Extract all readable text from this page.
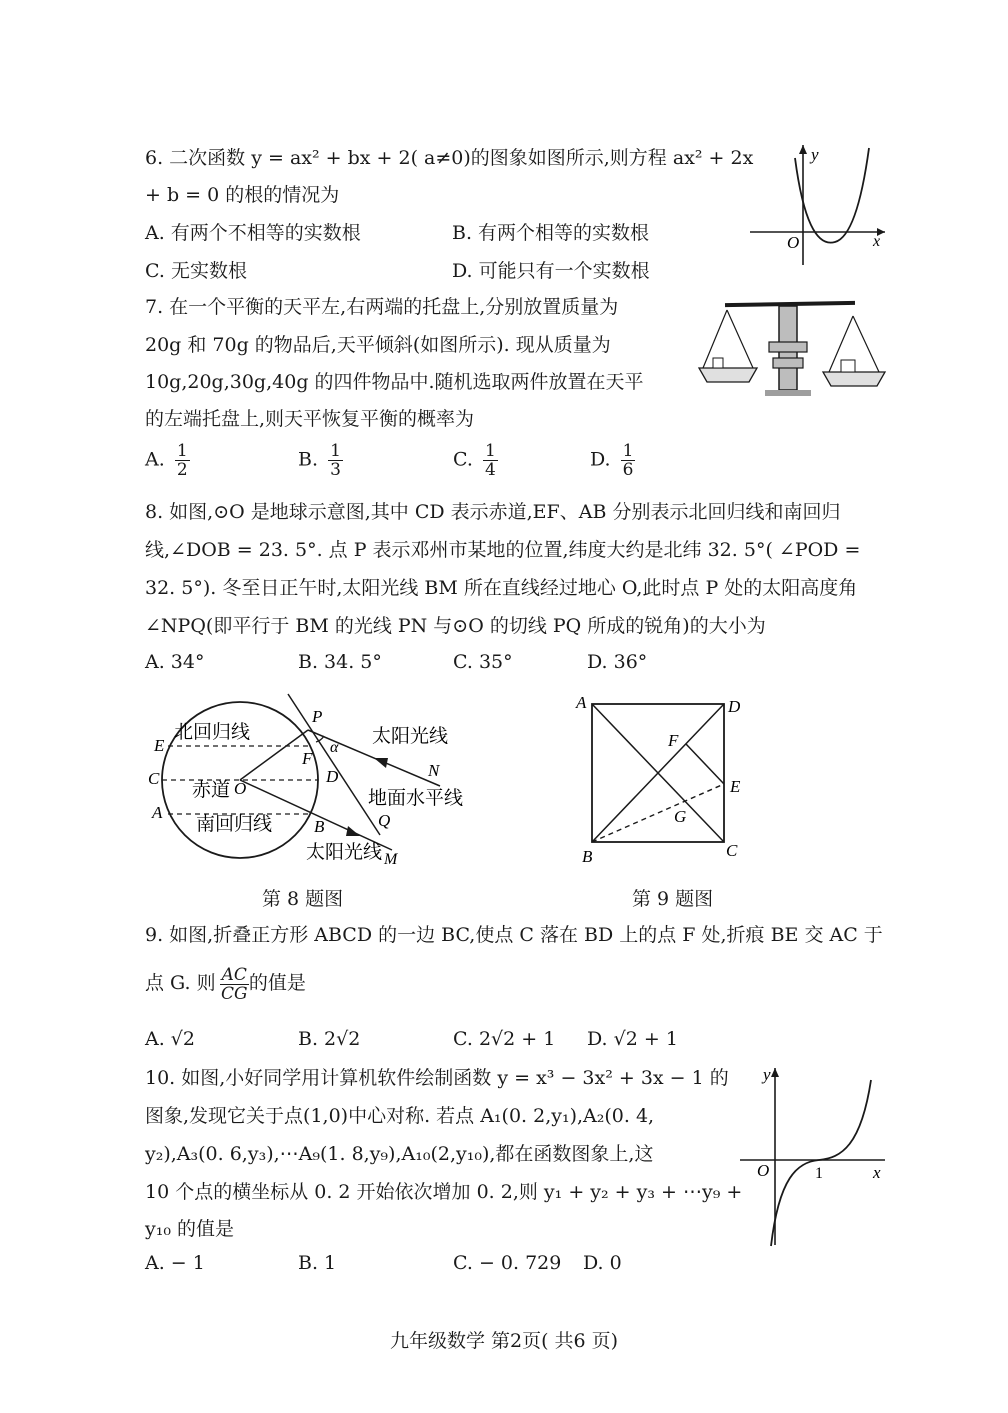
6. 二次函数 y = ax² + bx + 2( a≠0)的图象如图所示,则方程 ax² + 2x
+ b = 0 的根的情况为
A. 有两个不相等的实数根	B. 有两个相等的实数根
C. 无实数根	D. 可能只有一个实数根
y
x
O
7. 在一个平衡的天平左,右两端的托盘上,分别放置质量为
20g 和 70g 的物品后,天平倾斜(如图所示). 现从质量为
10g,20g,30g,40g 的四件物品中.随机选取两件放置在天平
的左端托盘上,则天平恢复平衡的概率为
A. $\frac{1}{2}$	B. $\frac{1}{3}$	C. $\frac{1}{4}$	D. $\frac{1}{6}$
8. 如图,⊙O 是地球示意图,其中 CD 表示赤道,EF、AB 分别表示北回归线和南回归
线,∠DOB = 23. 5°. 点 P 表示邓州市某地的位置,纬度大约是北纬 32. 5°( ∠POD =
32. 5°). 冬至日正午时,太阳光线 BM 所在直线经过地心 O,此时点 P 处的太阳高度角
∠NPQ(即平行于 BM 的光线 PN 与⊙O 的切线 PQ 所成的锐角)的大小为
A. 34°	B. 34. 5°	C. 35°	D. 36°
北回归线
赤道
南回归线
太阳光线
地面水平线
太阳光线
P
E
C
A
O
F
D
B	Q
N
M
α
第 8 题图
A	D
F
E
G
B	C
第 9 题图
9. 如图,折叠正方形 ABCD 的一边 BC,使点 C 落在 BD 上的点 F 处,折痕 BE 交 AC 于
点 G. 则 $\frac{AC}{CG}$ 的值是
A. √2	B. 2√2	C. 2√2 + 1 D. √2 + 1
10. 如图,小好同学用计算机软件绘制函数 y = x³ − 3x² + 3x − 1 的
图象,发现它关于点(1,0)中心对称. 若点 A₁(0. 2,y₁),A₂(0. 4,
y₂),A₃(0. 6,y₃),⋯A₉(1. 8,y₉),A₁₀(2,y₁₀),都在函数图象上,这
10 个点的横坐标从 0. 2 开始依次增加 0. 2,则 y₁ + y₂ + y₃ + ⋯y₉ +
y₁₀ 的值是
A. − 1	B. 1	C. − 0. 729 D. 0
y
x
O	1
九年级数学 第2页( 共6 页)
